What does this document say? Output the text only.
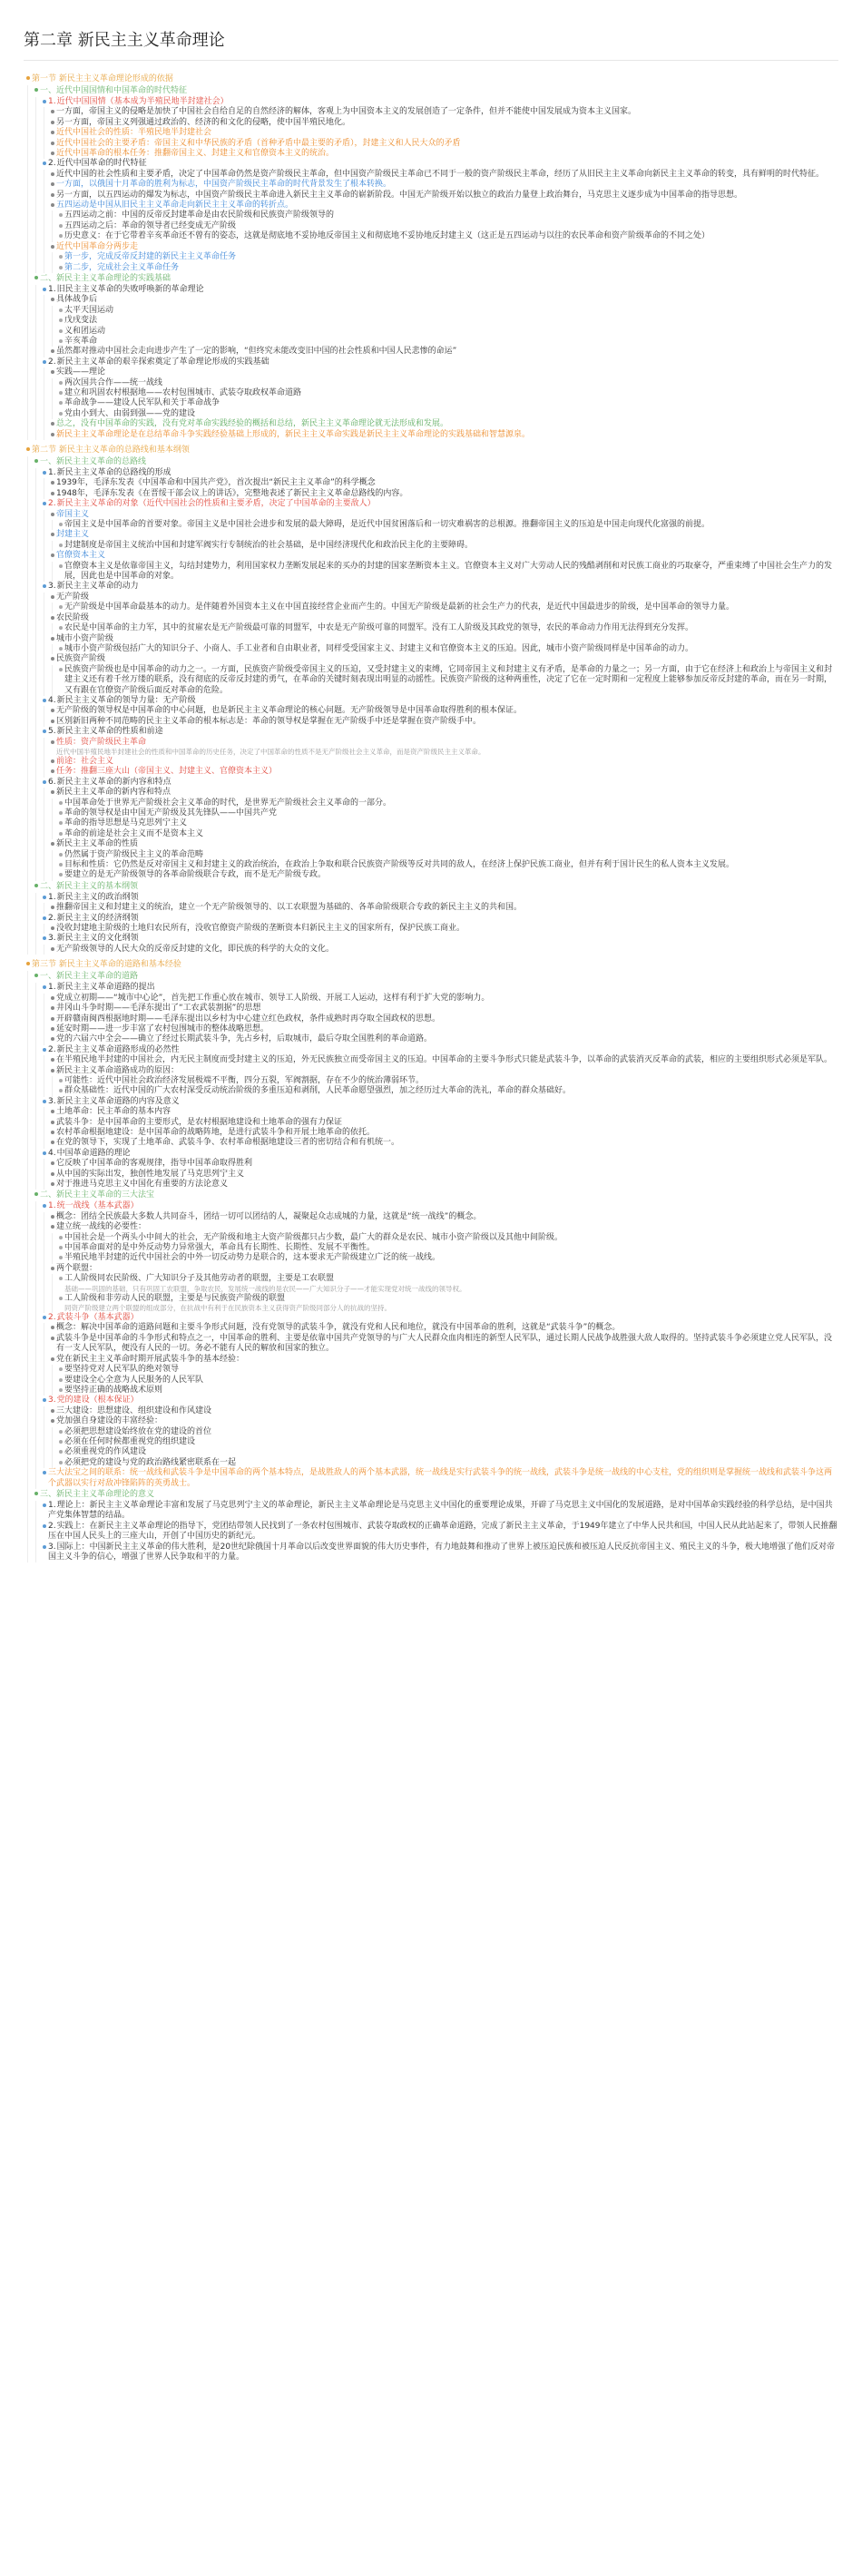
第二章 新民主主义革命理论
第一节 新民主主义革命理论形成的依据
一、近代中国国情和中国革命的时代特征
1.近代中国国情（基本成为半殖民地半封建社会）
一方面，帝国主义的侵略是加快了中国社会自给自足的自然经济的解体，客观上为中国资本主义的发展创造了一定条件，但并不能使中国发展成为资本主义国家。
另一方面，帝国主义列强通过政治的、经济的和文化的侵略，使中国半殖民地化。
近代中国社会的性质：半殖民地半封建社会
近代中国社会的主要矛盾：帝国主义和中华民族的矛盾（首种矛盾中最主要的矛盾），封建主义和人民大众的矛盾
近代中国革命的根本任务：推翻帝国主义、封建主义和官僚资本主义的统治。
2.近代中国革命的时代特征
近代中国的社会性质和主要矛盾，决定了中国革命仍然是资产阶级民主革命，但中国资产阶级民主革命已不同于一般的资产阶级民主革命，经历了从旧民主主义革命向新民主主义革命的转变，具有鲜明的时代特征。
一方面，以俄国十月革命的胜利为标志，中国资产阶级民主革命的时代背景发生了根本转换。
另一方面，以五四运动的爆发为标志，中国资产阶级民主革命进入新民主主义革命的崭新阶段。中国无产阶级开始以独立的政治力量登上政治舞台，马克思主义逐步成为中国革命的指导思想。
五四运动是中国从旧民主主义革命走向新民主主义革命的转折点。
五四运动之前：中国的反帝反封建革命是由农民阶级和民族资产阶级领导的
五四运动之后：革命的领导者已经变成无产阶级
历史意义：在于它带着辛亥革命还不曾有的姿态，这就是彻底地不妥协地反帝国主义和彻底地不妥协地反封建主义（这正是五四运动与以往的农民革命和资产阶级革命的不同之处）
近代中国革命分两步走
第一步，完成反帝反封建的新民主主义革命任务
第二步，完成社会主义革命任务
二、新民主主义革命理论的实践基础
1.旧民主主义革命的失败呼唤新的革命理论
具体战争后
太平天国运动
戊戌变法
义和团运动
辛亥革命
虽然都对推动中国社会走向进步产生了一定的影响，“但终究未能改变旧中国的社会性质和中国人民悲惨的命运”
2.新民主主义革命的艰辛探索奠定了革命理论形成的实践基础
实践——理论
两次国共合作——统一战线
建立和巩固农村根据地——农村包围城市、武装夺取政权革命道路
革命战争——建设人民军队和关于革命战争
党由小到大、由弱到强——党的建设
总之，没有中国革命的实践，没有党对革命实践经验的概括和总结，新民主主义革命理论就无法形成和发展。
新民主主义革命理论是在总结革命斗争实践经验基础上形成的，新民主主义革命实践是新民主主义革命理论的实践基础和智慧源泉。
第二节 新民主主义革命的总路线和基本纲领
一、新民主主义革命的总路线
1.新民主主义革命的总路线的形成
1939年，毛泽东发表《中国革命和中国共产党》，首次提出“新民主主义革命”的科学概念
1948年，毛泽东发表《在晋绥干部会议上的讲话》，完整地表述了新民主主义革命总路线的内容。
2.新民主主义革命的对象（近代中国社会的性质和主要矛盾，决定了中国革命的主要敌人）
帝国主义
帝国主义是中国革命的首要对象。帝国主义是中国社会进步和发展的最大障碍，是近代中国贫困落后和一切灾难祸害的总根源。推翻帝国主义的压迫是中国走向现代化富强的前提。
封建主义
封建制度是帝国主义统治中国和封建军阀实行专制统治的社会基础，是中国经济现代化和政治民主化的主要障碍。
官僚资本主义
官僚资本主义是依靠帝国主义，勾结封建势力，利用国家权力垄断发展起来的买办的封建的国家垄断资本主义。官僚资本主义对广大劳动人民的残酷剥削和对民族工商业的巧取豪夺，严重束缚了中国社会生产力的发展，因此也是中国革命的对象。
3.新民主主义革命的动力
无产阶级
无产阶级是中国革命最基本的动力。是伴随着外国资本主义在中国直接经营企业而产生的。中国无产阶级是最新的社会生产力的代表，是近代中国最进步的阶级，是中国革命的领导力量。
农民阶级
农民是中国革命的主力军，其中的贫雇农是无产阶级最可靠的同盟军，中农是无产阶级可靠的同盟军。没有工人阶级及其政党的领导，农民的革命动力作用无法得到充分发挥。
城市小资产阶级
城市小资产阶级包括广大的知识分子、小商人、手工业者和自由职业者，同样受受国家主义、封建主义和官僚资本主义的压迫。因此，城市小资产阶级同样是中国革命的动力。
民族资产阶级
民族资产阶级也是中国革命的动力之一。一方面，民族资产阶级受帝国主义的压迫，又受封建主义的束缚，它同帝国主义和封建主义有矛盾，是革命的力量之一；另一方面，由于它在经济上和政治上与帝国主义和封建主义还有着千丝万缕的联系，没有彻底的反帝反封建的勇气，在革命的关键时刻表现出明显的动摇性。民族资产阶级的这种两重性，决定了它在一定时期和一定程度上能够参加反帝反封建的革命，而在另一时期，又有跟在官僚资产阶级后面反对革命的危险。
4.新民主主义革命的领导力量：无产阶级
无产阶级的领导权是中国革命的中心问题，也是新民主主义革命理论的核心问题。无产阶级领导是中国革命取得胜利的根本保证。
区别新旧两种不同范畴的民主主义革命的根本标志是：革命的领导权是掌握在无产阶级手中还是掌握在资产阶级手中。
5.新民主主义革命的性质和前途
性质：资产阶级民主革命
近代中国半殖民地半封建社会的性质和中国革命的历史任务，决定了中国革命的性质不是无产阶级社会主义革命，而是资产阶级民主主义革命。
前途：社会主义
任务：推翻三座大山（帝国主义、封建主义、官僚资本主义）
6.新民主主义革命的新内容和特点
新民主主义革命的新内容和特点
中国革命处于世界无产阶级社会主义革命的时代，是世界无产阶级社会主义革命的一部分。
革命的领导权是由中国无产阶级及其先锋队——中国共产党
革命的指导思想是马克思列宁主义
革命的前途是社会主义而不是资本主义
新民主主义革命的性质
仍然属于资产阶级民主主义的革命范畴
目标和性质：它仍然是反对帝国主义和封建主义的政治统治，在政治上争取和联合民族资产阶级等反对共同的敌人，在经济上保护民族工商业，但并有利于国计民生的私人资本主义发展。
要建立的是无产阶级领导的各革命阶级联合专政，而不是无产阶级专政。
二、新民主主义的基本纲领
1.新民主主义的政治纲领
推翻帝国主义和封建主义的统治，建立一个无产阶级领导的、以工农联盟为基础的、各革命阶级联合专政的新民主主义的共和国。
2.新民主主义的经济纲领
没收封建地主阶级的土地归农民所有，没收官僚资产阶级的垄断资本归新民主主义的国家所有，保护民族工商业。
3.新民主主义的文化纲领
无产阶级领导的人民大众的反帝反封建的文化，即民族的科学的大众的文化。
第三节 新民主主义革命的道路和基本经验
一、新民主主义革命的道路
1.新民主主义革命道路的提出
党成立初期——“城市中心论”，首先把工作重心放在城市、领导工人阶级、开展工人运动，这样有利于扩大党的影响力。
井冈山斗争时期——毛泽东提出了“工农武装割据”的思想
开辟赣南闽西根据地时期——毛泽东提出以乡村为中心建立红色政权，条件成熟时再夺取全国政权的思想。
延安时期——进一步丰富了农村包围城市的整体战略思想。
党的六届六中全会——确立了经过长期武装斗争，先占乡村，后取城市，最后夺取全国胜利的革命道路。
2.新民主主义革命道路形成的必然性
在半殖民地半封建的中国社会，内无民主制度而受封建主义的压迫，外无民族独立而受帝国主义的压迫。中国革命的主要斗争形式只能是武装斗争，以革命的武装消灭反革命的武装，相应的主要组织形式必须是军队。
新民主主义革命道路成功的原因：
可能性：近代中国社会政治经济发展极端不平衡，四分五裂，军阀割据，存在不少的统治薄弱环节。
群众基础性：近代中国的广大农村深受反动统治阶级的多重压迫和剥削，人民革命愿望强烈，加之经历过大革命的洗礼，革命的群众基础好。
3.新民主主义革命道路的内容及意义
土地革命：民主革命的基本内容
武装斗争：是中国革命的主要形式，是农村根据地建设和土地革命的强有力保证
农村革命根据地建设：是中国革命的战略阵地，是进行武装斗争和开展土地革命的依托。
在党的领导下，实现了土地革命、武装斗争、农村革命根据地建设三者的密切结合和有机统一。
4.中国革命道路的理论
它反映了中国革命的客观规律，指导中国革命取得胜利
从中国的实际出发，独创性地发展了马克思列宁主义
对于推进马克思主义中国化有重要的方法论意义
二、新民主主义革命的三大法宝
1.统一战线（基本武器）
概念：团结全民族最大多数人共同奋斗，团结一切可以团结的人，凝聚起众志成城的力量，这就是“统一战线”的概念。
建立统一战线的必要性：
中国社会是一个两头小中间大的社会，无产阶级和地主大资产阶级都只占少数，最广大的群众是农民、城市小资产阶级以及其他中间阶级。
中国革命面对的是中外反动势力异常强大，革命具有长期性、长期性、发展不平衡性。
半殖民地半封建的近代中国社会的中外一切反动势力是联合的，这本要求无产阶级建立广泛的统一战线。
两个联盟：
工人阶级同农民阶级、广大知识分子及其他劳动者的联盟，主要是工农联盟
基础——巩固的基础，只有巩固工农联盟，争取农民，发展统一战线的是农民——广大知识分子——才能实现党对统一战线的领导权。
工人阶级和非劳动人民的联盟，主要是与民族资产阶级的联盟
同资产阶级建立两个联盟的组成部分，在抗战中有利于在民族资本主义获得资产阶级同部分人的抗战的坚持。
2.武装斗争（基本武器）
概念：解决中国革命的道路问题和主要斗争形式问题，没有党领导的武装斗争，就没有党和人民和地位，就没有中国革命的胜利，这就是“武装斗争”的概念。
武装斗争是中国革命的斗争形式和特点之一，中国革命的胜利、主要是依靠中国共产党领导的与广大人民群众血肉相连的新型人民军队，通过长期人民战争战胜强大敌人取得的。坚持武装斗争必须建立党人民军队，没有一支人民军队，便没有人民的一切。务必不能有人民的解放和国家的独立。
党在新民主主义革命时期开展武装斗争的基本经验：
要坚持党对人民军队的绝对领导
要建设全心全意为人民服务的人民军队
要坚持正确的战略战术原则
3.党的建设（根本保证）
三大建设：思想建设、组织建设和作风建设
党加强自身建设的丰富经验：
必须把思想建设始终放在党的建设的首位
必须在任何时候都重视党的组织建设
必须重视党的作风建设
必须把党的建设与党的政治路线紧密联系在一起
三大法宝之间的联系：统一战线和武装斗争是中国革命的两个基本特点，是战胜敌人的两个基本武器，统一战线是实行武装斗争的统一战线，武装斗争是统一战线的中心支柱，党的组织则是掌握统一战线和武装斗争这两个武器以实行对敌冲锋陷阵的英勇战士。
三、新民主主义革命理论的意义
1.理论上：新民主主义革命理论丰富和发展了马克思列宁主义的革命理论，新民主主义革命理论是马克思主义中国化的重要理论成果，开辟了马克思主义中国化的发展道路，是对中国革命实践经验的科学总结，是中国共产党集体智慧的结晶。
2.实践上：在新民主主义革命理论的指导下，党团结带领人民找到了一条农村包围城市、武装夺取政权的正确革命道路，完成了新民主主义革命，于1949年建立了中华人民共和国，中国人民从此站起来了，带领人民推翻压在中国人民头上的三座大山，开创了中国历史的新纪元。
3.国际上：中国新民主主义革命的伟大胜利，是20世纪除俄国十月革命以后改变世界面貌的伟大历史事件，有力地鼓舞和推动了世界上被压迫民族和被压迫人民反抗帝国主义、殖民主义的斗争，极大地增强了他们反对帝国主义斗争的信心，增强了世界人民争取和平的力量。
